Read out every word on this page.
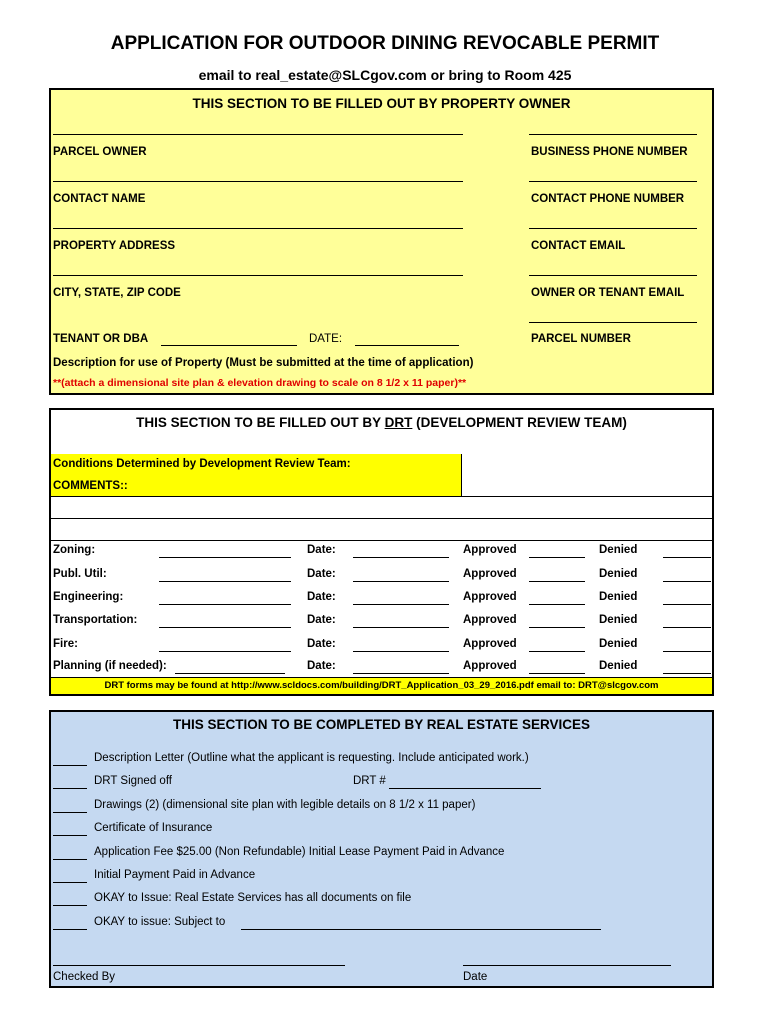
APPLICATION FOR OUTDOOR DINING REVOCABLE PERMIT
email to real_estate@SLCgov.com or bring to Room 425
THIS SECTION TO BE FILLED OUT BY PROPERTY OWNER
PARCEL OWNER	BUSINESS PHONE NUMBER
CONTACT NAME	CONTACT PHONE NUMBER
PROPERTY ADDRESS	CONTACT EMAIL
CITY, STATE, ZIP CODE	OWNER OR TENANT EMAIL
TENANT OR DBA	DATE:	PARCEL NUMBER
Description for use of Property (Must be submitted at the time of application)
**(attach a dimensional site plan & elevation drawing to scale on 8 1/2 x 11 paper)**
THIS SECTION TO BE FILLED OUT BY DRT (DEVELOPMENT REVIEW TEAM)
Conditions Determined by Development Review Team:
COMMENTS::
Zoning:	Date:	Approved	Denied
Publ. Util:	Date:	Approved	Denied
Engineering:	Date:	Approved	Denied
Transportation:	Date:	Approved	Denied
Fire:	Date:	Approved	Denied
Planning (if needed):	Date:	Approved	Denied
DRT forms may be found at http://www.scldocs.com/building/DRT_Application_03_29_2016.pdf email to: DRT@slcgov.com
THIS SECTION TO BE COMPLETED BY REAL ESTATE SERVICES
Description Letter (Outline what the applicant is requesting. Include anticipated work.)
DRT Signed off	DRT #
Drawings (2) (dimensional site plan with legible details on 8 1/2 x 11 paper)
Certificate of Insurance
Application Fee $25.00 (Non Refundable) Initial Lease Payment Paid in Advance
Initial Payment Paid in Advance
OKAY to Issue: Real Estate Services has all documents on file
OKAY to issue: Subject to
Checked By	Date
